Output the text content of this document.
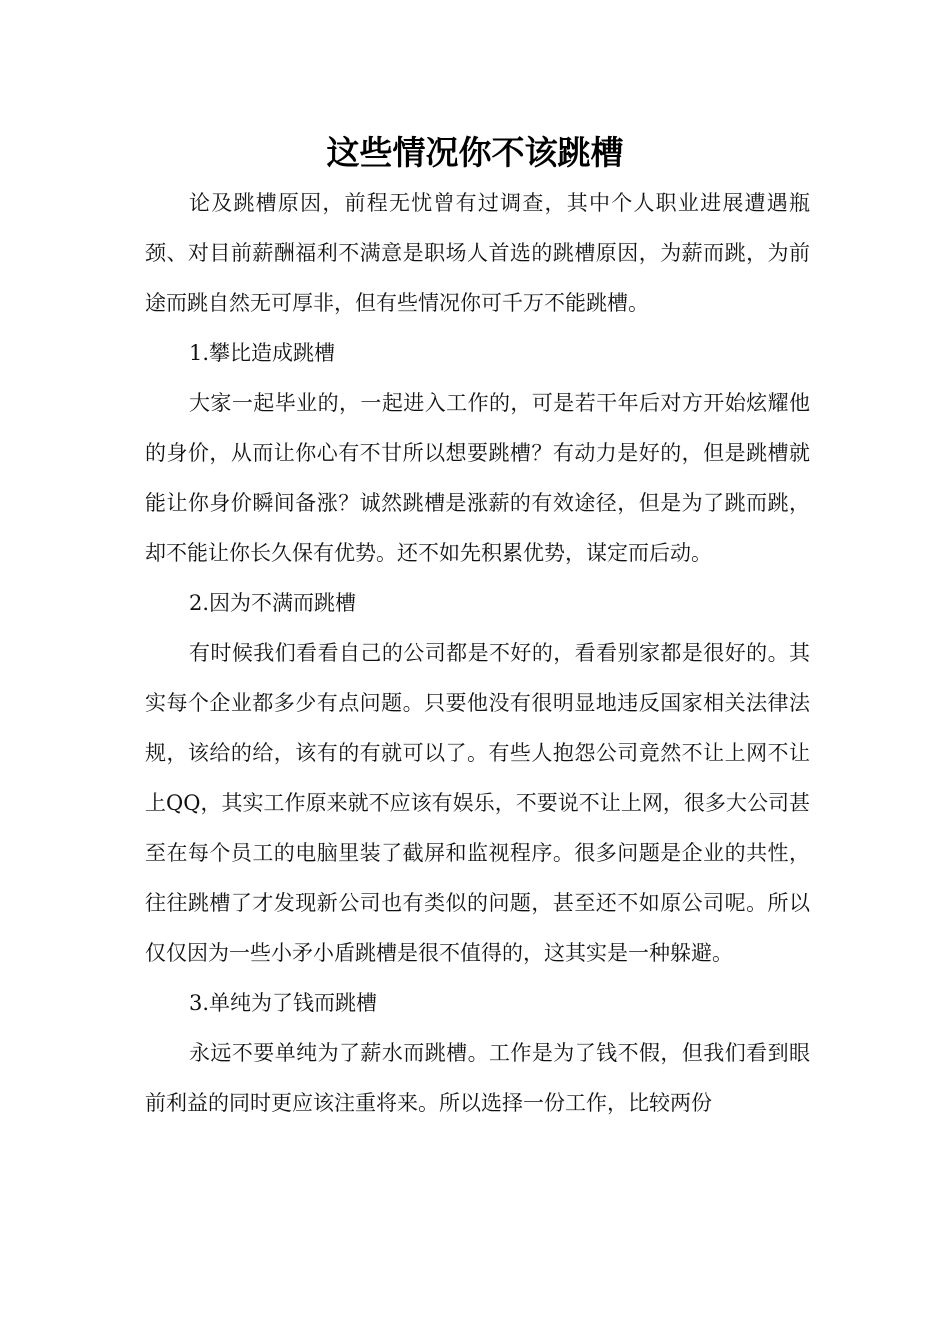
这些情况你不该跳槽

论及跳槽原因，前程无忧曾有过调查，其中个人职业进展遭遇瓶颈、对目前薪酬福利不满意是职场人首选的跳槽原因，为薪而跳，为前途而跳自然无可厚非，但有些情况你可千万不能跳槽。

1.攀比造成跳槽

大家一起毕业的，一起进入工作的，可是若干年后对方开始炫耀他的身价，从而让你心有不甘所以想要跳槽？有动力是好的，但是跳槽就能让你身价瞬间备涨？诚然跳槽是涨薪的有效途径，但是为了跳而跳，却不能让你长久保有优势。还不如先积累优势，谋定而后动。

2.因为不满而跳槽

有时候我们看看自己的公司都是不好的，看看别家都是很好的。其实每个企业都多少有点问题。只要他没有很明显地违反国家相关法律法规，该给的给，该有的有就可以了。有些人抱怨公司竟然不让上网不让上QQ，其实工作原来就不应该有娱乐，不要说不让上网，很多大公司甚至在每个员工的电脑里装了截屏和监视程序。很多问题是企业的共性，往往跳槽了才发现新公司也有类似的问题，甚至还不如原公司呢。所以仅仅因为一些小矛小盾跳槽是很不值得的，这其实是一种躲避。

3.单纯为了钱而跳槽

永远不要单纯为了薪水而跳槽。工作是为了钱不假，但我们看到眼前利益的同时更应该注重将来。所以选择一份工作，比较两份
